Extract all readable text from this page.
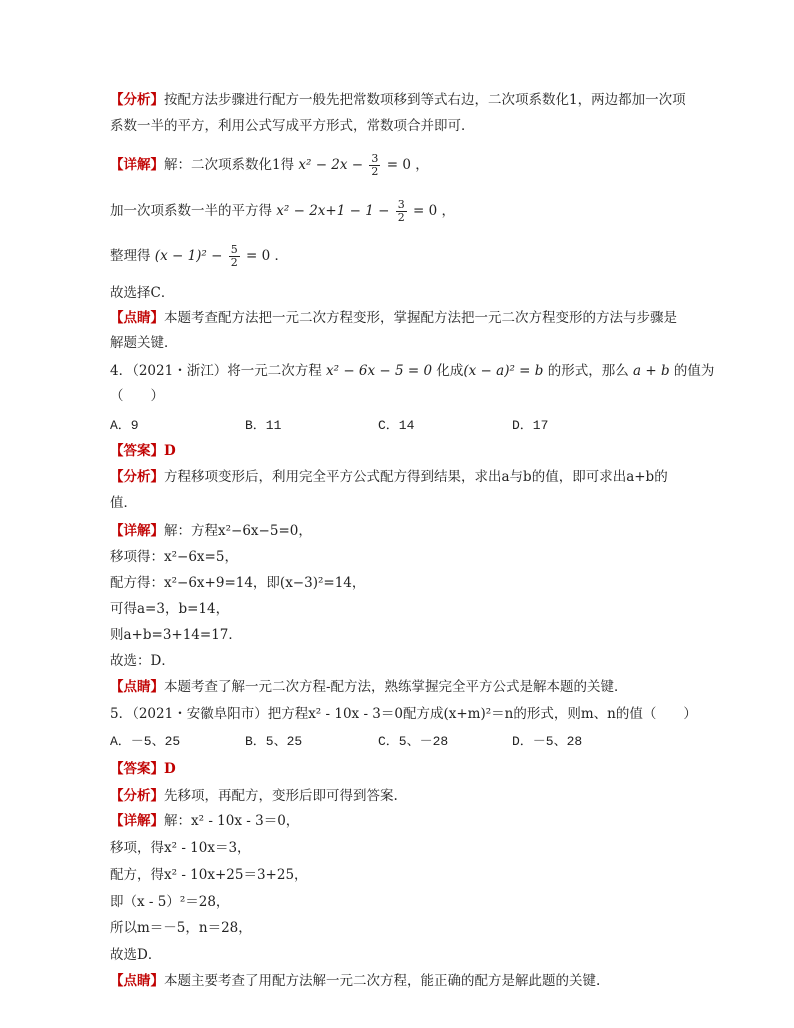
【分析】按配方法步骤进行配方一般先把常数项移到等式右边，二次项系数化1，两边都加一次项
系数一半的平方，利用公式写成平方形式，常数项合并即可．
【详解】解：二次项系数化1得 $x^2 - 2x - \frac{3}{2} = 0$ ，
加一次项系数一半的平方得 $x^2 - 2x+1 - 1 - \frac{3}{2} = 0$ ，
整理得 $(x - 1)^2 - \frac{5}{2} = 0$ ．
故选择C．
【点睛】本题考查配方法把一元二次方程变形，掌握配方法把一元二次方程变形的方法与步骤是
解题关键．
4．（2021・浙江）将一元二次方程 x² − 6x − 5 = 0 化成(x − a)² = b 的形式，那么 a + b 的值为
（　　）
A．9	B．11	C．14	D．17
【答案】D
【分析】方程移项变形后，利用完全平方公式配方得到结果，求出a与b的值，即可求出a+b的
值．
【详解】解：方程x²−6x−5=0，
移项得：x²−6x=5，
配方得：x²−6x+9=14，即(x−3)²=14，
可得a=3，b=14，
则a+b=3+14=17．
故选：D．
【点睛】本题考查了解一元二次方程-配方法，熟练掌握完全平方公式是解本题的关键．
5．（2021・安徽阜阳市）把方程x² - 10x - 3＝0配方成(x+m)²＝n的形式，则m、n的值（　　）
A．－5、25	B．5、25	C．5、－28	D．－5、28
【答案】D
【分析】先移项，再配方，变形后即可得到答案.
【详解】解：x² - 10x - 3＝0，
移项，得x² - 10x＝3，
配方，得x² - 10x+25＝3+25，
即（x - 5）²＝28，
所以m＝－5，n＝28，
故选D．
【点睛】本题主要考查了用配方法解一元二次方程，能正确的配方是解此题的关键.
